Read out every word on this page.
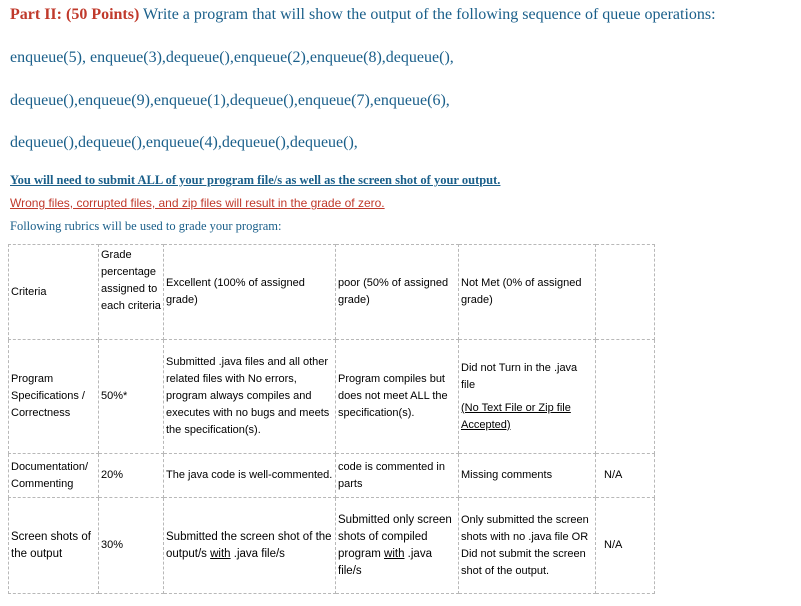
Part II: (50 Points) Write a program that will show the output of the following sequence of queue operations:
enqueue(5), enqueue(3),dequeue(),enqueue(2),enqueue(8),dequeue(),
dequeue(),enqueue(9),enqueue(1),dequeue(),enqueue(7),enqueue(6),
dequeue(),dequeue(),enqueue(4),dequeue(),dequeue(),
You will need to submit ALL of your program file/s as well as the screen shot of your output.
Wrong files, corrupted files, and zip files will result in the grade of zero.
Following rubrics will be used to grade your program:
Criteria	Grade percentage assigned to each criteria	Excellent (100% of assigned grade)	poor (50% of assigned grade)	Not Met (0% of assigned grade)	
Program Specifications / Correctness	50%*	Submitted .java files and all other related files with No errors, program always compiles and executes with no bugs and meets the specification(s).	Program compiles but does not meet ALL the specification(s).	Did not Turn in the .java file
(No Text File or Zip file Accepted)	

Documentation/ Commenting	20%	The java code is well-commented.	code is commented in parts	Missing comments	N/A
Screen shots of the output	30%	Submitted the screen shot of the output/s with .java file/s	Submitted only screen shots of compiled program with .java file/s	Only submitted the screen shots with no .java file OR Did not submit the screen shot of the output.	N/A
